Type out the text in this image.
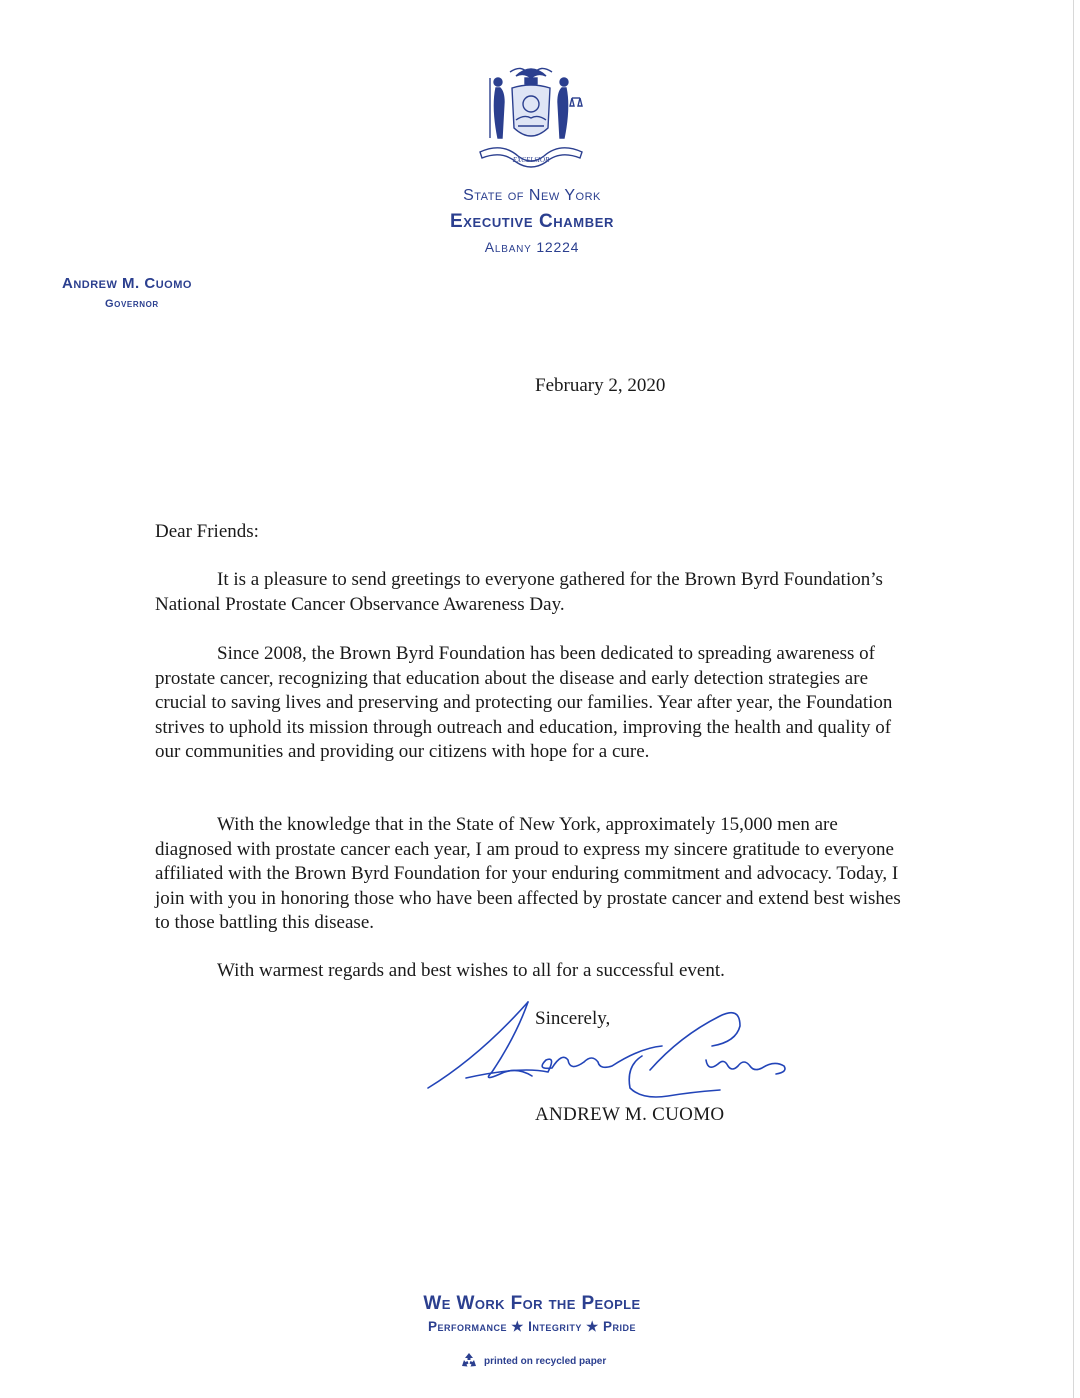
EXCELSIOR
State of New York
Executive Chamber
Albany 12224
Andrew M. Cuomo
Governor
February 2, 2020

Dear Friends:

It is a pleasure to send greetings to everyone gathered for the Brown Byrd Foundation’s National Prostate Cancer Observance Awareness Day.

Since 2008, the Brown Byrd Foundation has been dedicated to spreading awareness of prostate cancer, recognizing that education about the disease and early detection strategies are crucial to saving lives and preserving and protecting our families. Year after year, the Foundation strives to uphold its mission through outreach and education, improving the health and quality of our communities and providing our citizens with hope for a cure.

With the knowledge that in the State of New York, approximately 15,000 men are diagnosed with prostate cancer each year, I am proud to express my sincere gratitude to everyone affiliated with the Brown Byrd Foundation for your enduring commitment and advocacy. Today, I join with you in honoring those who have been affected by prostate cancer and extend best wishes to those battling this disease.

With warmest regards and best wishes to all for a successful event.

Sincerely,
ANDREW M. CUOMO
We Work For the People
Performance ★ Integrity ★ Pride
printed on recycled paper
